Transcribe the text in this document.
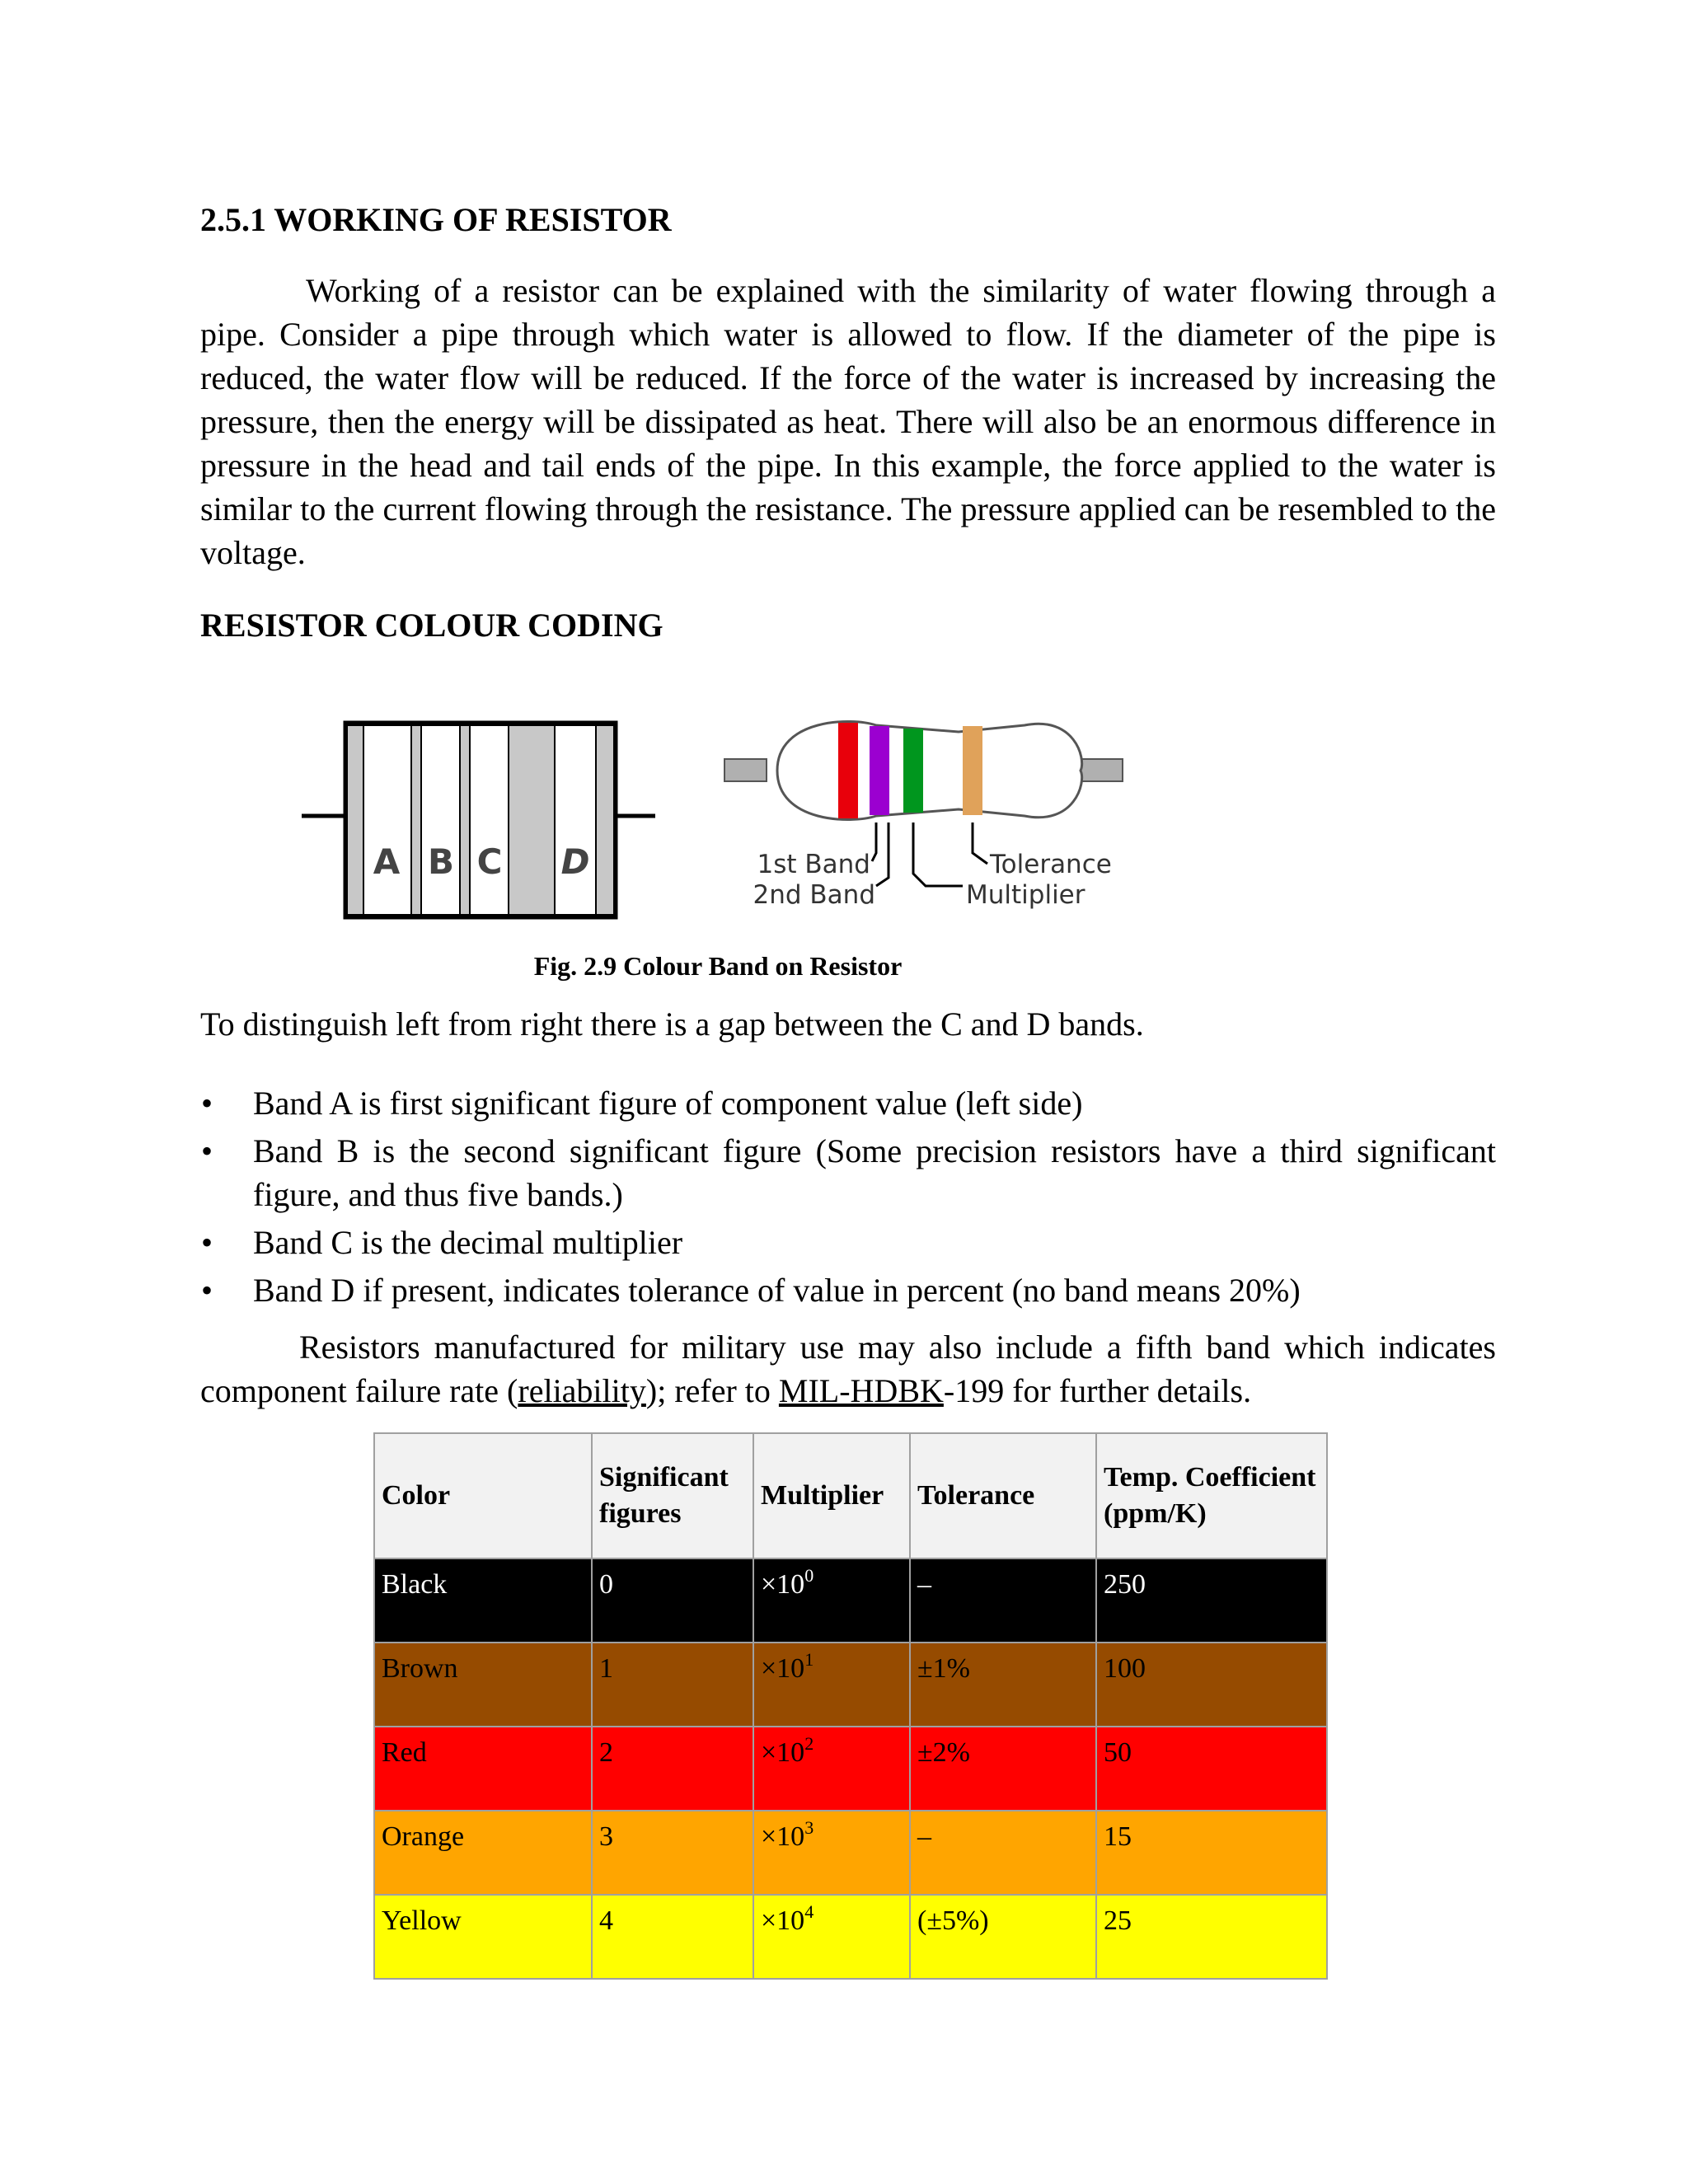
2.5.1 WORKING OF RESISTOR
Working of a resistor can be explained with the similarity of water flowing through a pipe. Consider a pipe through which water is allowed to flow. If the diameter of the pipe is reduced, the water flow will be reduced. If the force of the water is increased by increasing the pressure, then the energy will be dissipated as heat. There will also be an enormous difference in pressure in the head and tail ends of the pipe. In this example, the force applied to the water is similar to the current flowing through the resistance. The pressure applied can be resembled to the voltage.
RESISTOR COLOUR CODING
A B C D	1st Band
2nd Band
Tolerance
Multiplier
Fig. 2.9 Colour Band on Resistor
To distinguish left from right there is a gap between the C and D bands.
• Band A is first significant figure of component value (left side)
• Band B is the second significant figure (Some precision resistors have a third significant figure, and thus five bands.)
• Band C is the decimal multiplier
• Band D if present, indicates tolerance of value in percent (no band means 20%)
Resistors manufactured for military use may also include a fifth band which indicates component failure rate (reliability); refer to MIL-HDBK-199 for further details.
Color	Significant figures	Multiplier	Tolerance	Temp. Coefficient (ppm/K)
Black	0	$\times 10^0$	–	250
Brown	1	$\times 10^1$	±1%	100
Red	2	$\times 10^2$	±2%	50
Orange	3	$\times 10^3$	–	15
Yellow	4	$\times 10^4$	(±5%)	25
